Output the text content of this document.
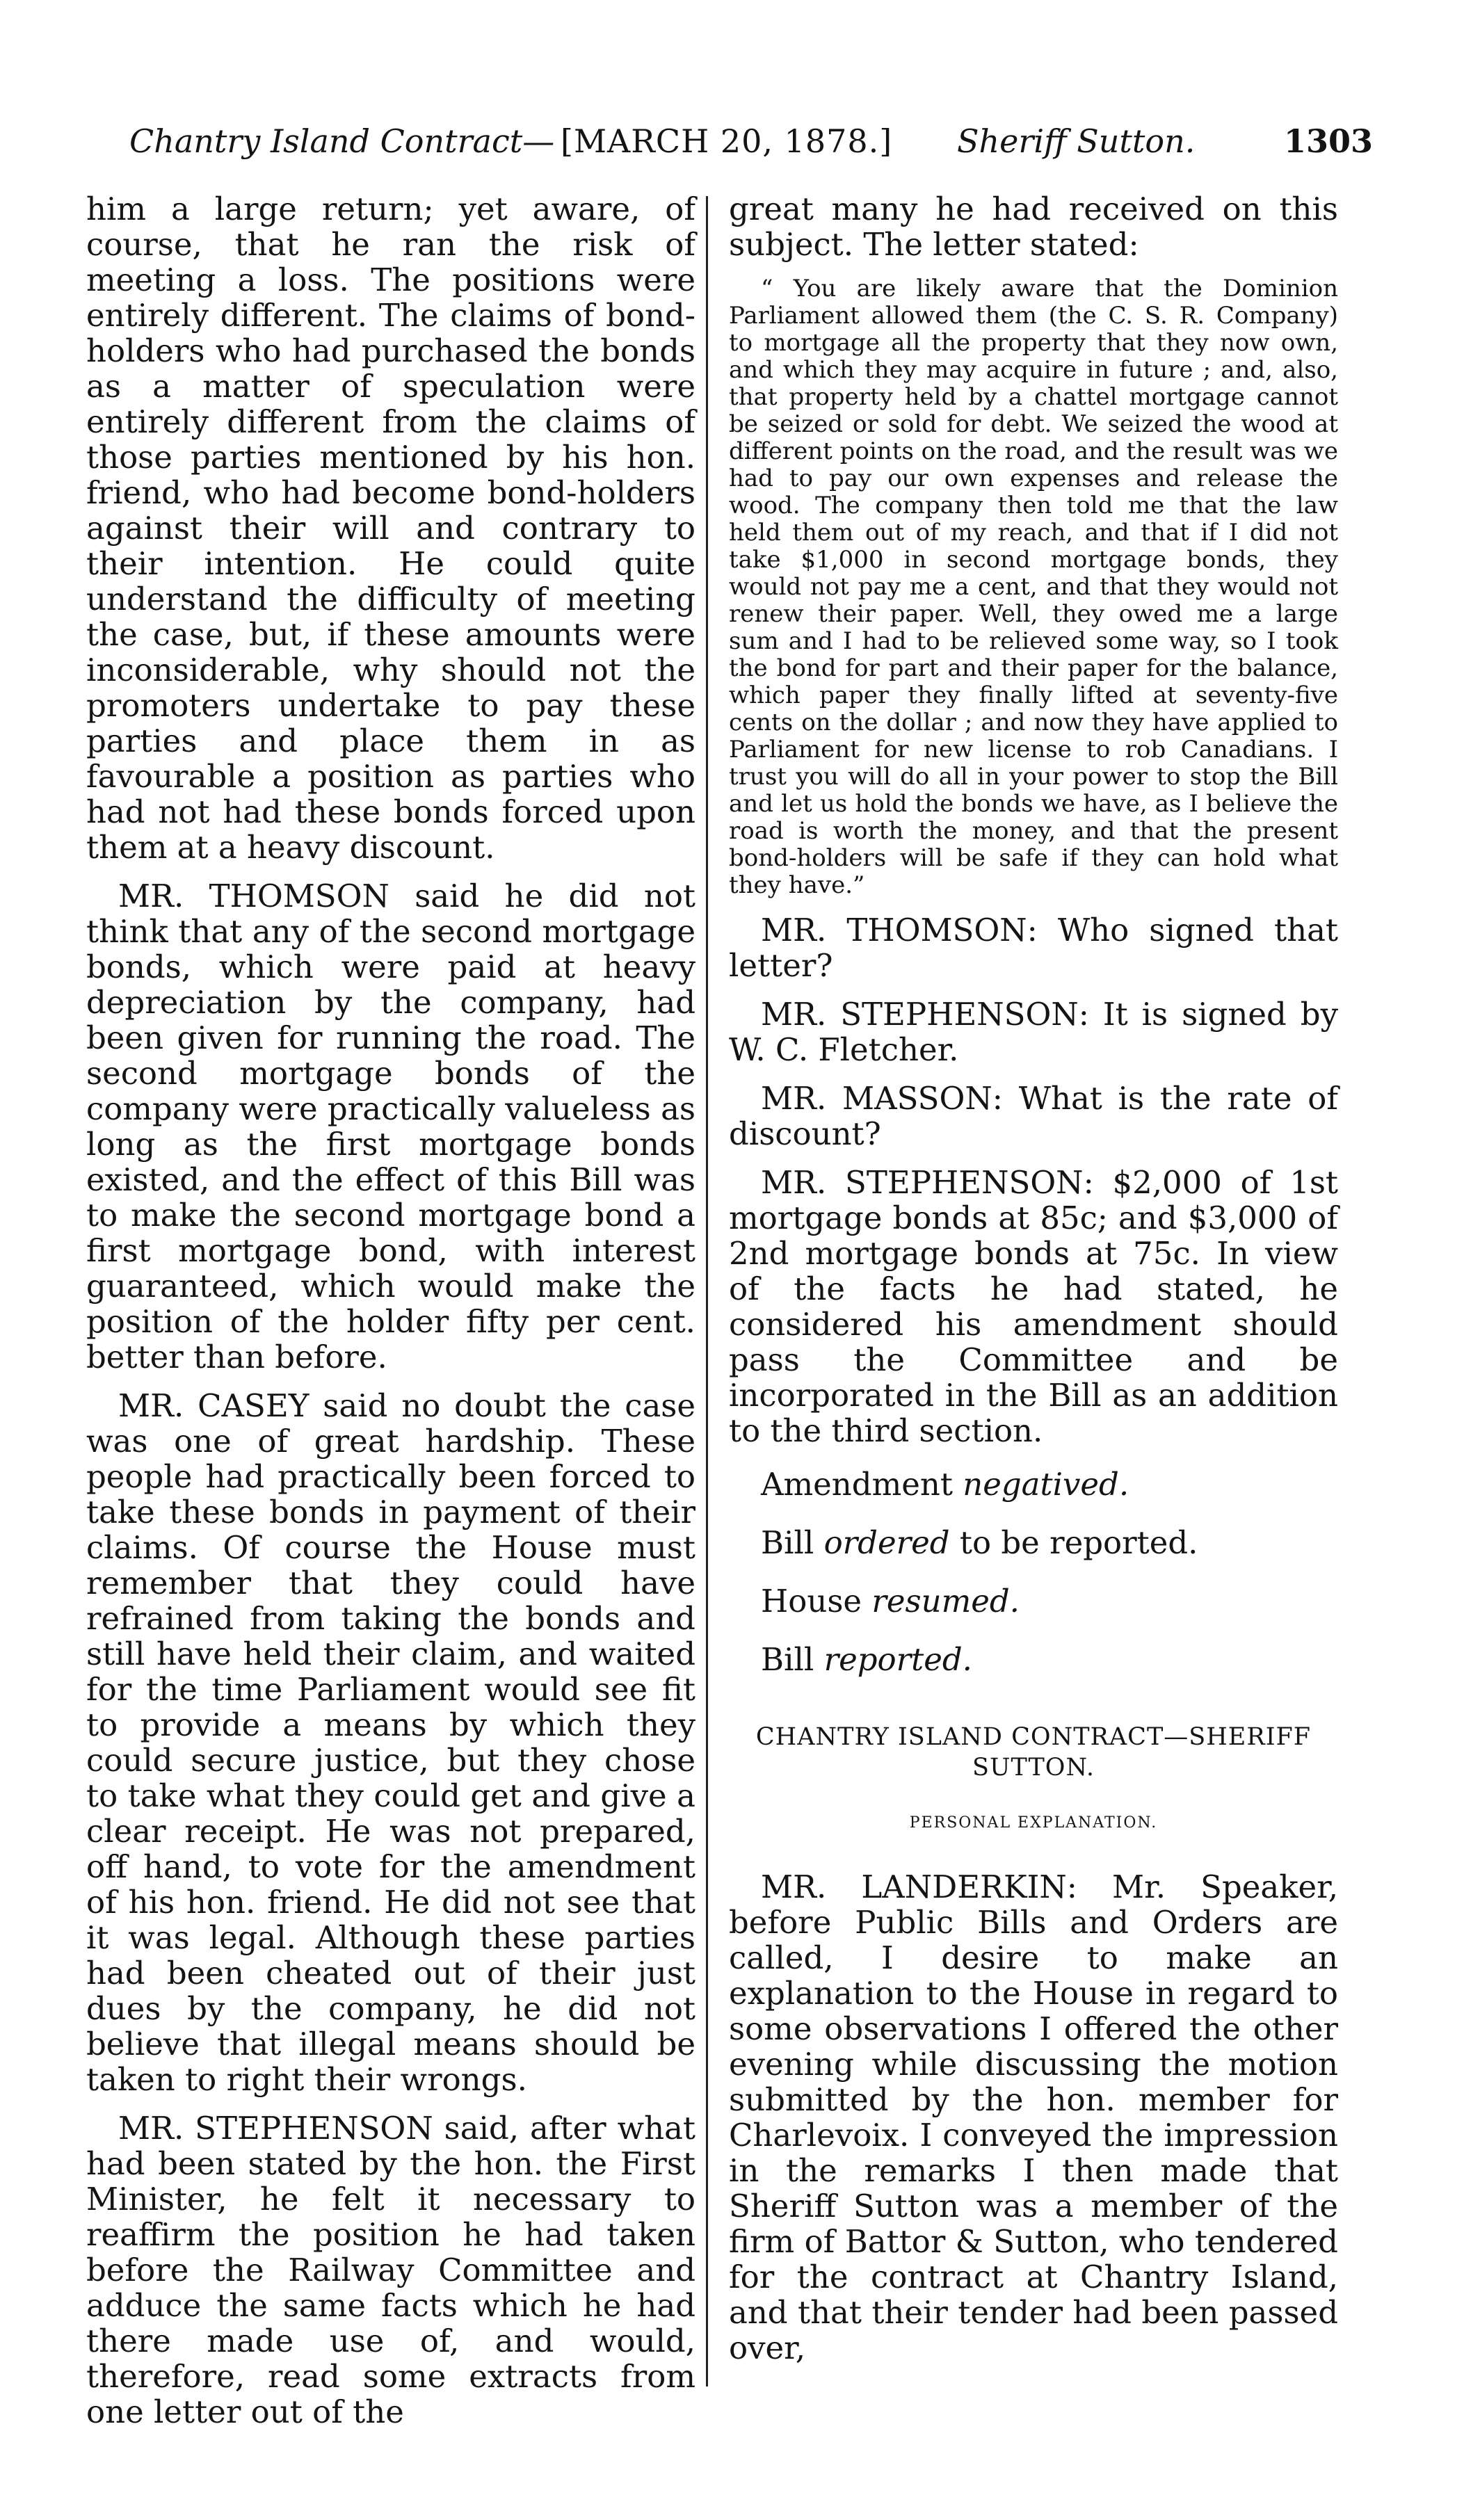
Chantry Island Contract— [MARCH 20, 1878.] Sheriff Sutton.	1303

him a large return; yet aware, of course, that he ran the risk of meeting a loss. The positions were entirely different. The claims of bond-holders who had purchased the bonds as a matter of speculation were entirely different from the claims of those parties mentioned by his hon. friend, who had become bond-holders against their will and contrary to their intention. He could quite understand the difficulty of meeting the case, but, if these amounts were inconsiderable, why should not the promoters undertake to pay these parties and place them in as favourable a position as parties who had not had these bonds forced upon them at a heavy discount.

MR. THOMSON said he did not think that any of the second mortgage bonds, which were paid at heavy depreciation by the company, had been given for running the road. The second mortgage bonds of the company were practically valueless as long as the first mortgage bonds existed, and the effect of this Bill was to make the second mortgage bond a first mortgage bond, with interest guaranteed, which would make the position of the holder fifty per cent. better than before.

MR. CASEY said no doubt the case was one of great hardship. These people had practically been forced to take these bonds in payment of their claims. Of course the House must remember that they could have refrained from taking the bonds and still have held their claim, and waited for the time Parliament would see fit to provide a means by which they could secure justice, but they chose to take what they could get and give a clear receipt. He was not prepared, off hand, to vote for the amendment of his hon. friend. He did not see that it was legal. Although these parties had been cheated out of their just dues by the company, he did not believe that illegal means should be taken to right their wrongs.

MR. STEPHENSON said, after what had been stated by the hon. the First Minister, he felt it necessary to reaffirm the position he had taken before the Railway Committee and adduce the same facts which he had there made use of, and would, therefore, read some extracts from one letter out of the

great many he had received on this subject. The letter stated:

“ You are likely aware that the Dominion Parliament allowed them (the C. S. R. Company) to mortgage all the property that they now own, and which they may acquire in future ; and, also, that property held by a chattel mortgage cannot be seized or sold for debt. We seized the wood at different points on the road, and the result was we had to pay our own expenses and release the wood. The company then told me that the law held them out of my reach, and that if I did not take $1,000 in second mortgage bonds, they would not pay me a cent, and that they would not renew their paper. Well, they owed me a large sum and I had to be relieved some way, so I took the bond for part and their paper for the balance, which paper they finally lifted at seventy-five cents on the dollar ; and now they have applied to Parliament for new license to rob Canadians. I trust you will do all in your power to stop the Bill and let us hold the bonds we have, as I believe the road is worth the money, and that the present bond-holders will be safe if they can hold what they have.”

MR. THOMSON: Who signed that letter?

MR. STEPHENSON: It is signed by W. C. Fletcher.

MR. MASSON: What is the rate of discount?

MR. STEPHENSON: $2,000 of 1st mortgage bonds at 85c; and $3,000 of 2nd mortgage bonds at 75c. In view of the facts he had stated, he considered his amendment should pass the Committee and be incorporated in the Bill as an addition to the third section.

Amendment negatived.

Bill ordered to be reported.

House resumed.

Bill reported.

CHANTRY ISLAND CONTRACT—SHERIFF SUTTON.
PERSONAL EXPLANATION.

MR. LANDERKIN: Mr. Speaker, before Public Bills and Orders are called, I desire to make an explanation to the House in regard to some observations I offered the other evening while discussing the motion submitted by the hon. member for Charlevoix. I conveyed the impression in the remarks I then made that Sheriff Sutton was a member of the firm of Battor & Sutton, who tendered for the contract at Chantry Island, and that their tender had been passed over,
